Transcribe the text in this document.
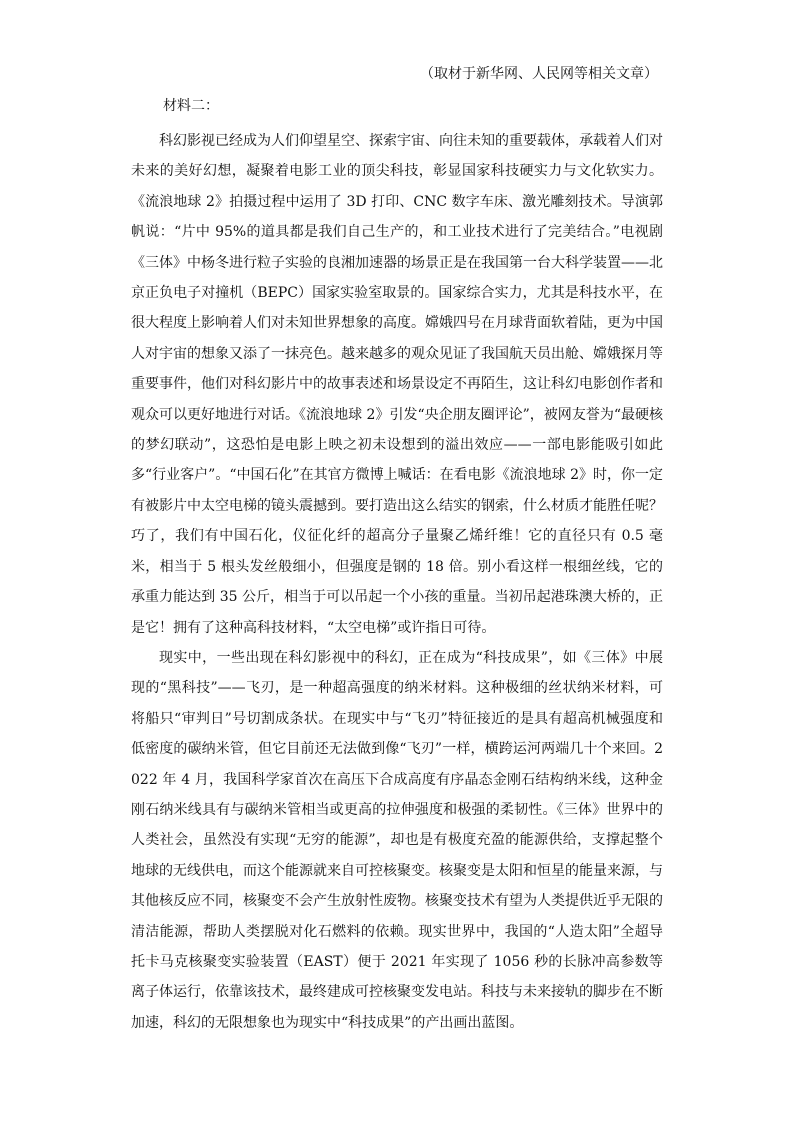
（取材于新华网、人民网等相关文章）
材料二：

科幻影视已经成为人们仰望星空、探索宇宙、向往未知的重要载体，承载着人们对未来的美好幻想，凝聚着电影工业的顶尖科技，彰显国家科技硬实力与文化软实力。《流浪地球 2》拍摄过程中运用了 3D 打印、CNC 数字车床、激光雕刻技术。导演郭帆说：“片中 95%的道具都是我们自己生产的，和工业技术进行了完美结合。”电视剧《三体》中杨冬进行粒子实验的良湘加速器的场景正是在我国第一台大科学装置——北京正负电子对撞机（BEPC）国家实验室取景的。国家综合实力，尤其是科技水平，在很大程度上影响着人们对未知世界想象的高度。嫦娥四号在月球背面软着陆，更为中国人对宇宙的想象又添了一抹亮色。越来越多的观众见证了我国航天员出舱、嫦娥探月等重要事件，他们对科幻影片中的故事表述和场景设定不再陌生，这让科幻电影创作者和观众可以更好地进行对话。《流浪地球 2》引发“央企朋友圈评论”，被网友誉为“最硬核的梦幻联动”，这恐怕是电影上映之初未设想到的溢出效应——一部电影能吸引如此多“行业客户”。“中国石化”在其官方微博上喊话：在看电影《流浪地球 2》时，你一定有被影片中太空电梯的镜头震撼到。要打造出这么结实的钢索，什么材质才能胜任呢？巧了，我们有中国石化，仪征化纤的超高分子量聚乙烯纤维！它的直径只有 0.5 毫米，相当于 5 根头发丝般细小，但强度是钢的 18 倍。别小看这样一根细丝线，它的承重力能达到 35 公斤，相当于可以吊起一个小孩的重量。当初吊起港珠澳大桥的，正是它！拥有了这种高科技材料，“太空电梯”或许指日可待。

现实中，一些出现在科幻影视中的科幻，正在成为“科技成果”，如《三体》中展现的“黑科技”——飞刃，是一种超高强度的纳米材料。这种极细的丝状纳米材料，可将船只“审判日”号切割成条状。在现实中与“飞刃”特征接近的是具有超高机械强度和低密度的碳纳米管，但它目前还无法做到像“飞刃”一样，横跨运河两端几十个来回。2022 年 4 月，我国科学家首次在高压下合成高度有序晶态金刚石结构纳米线，这种金刚石纳米线具有与碳纳米管相当或更高的拉伸强度和极强的柔韧性。《三体》世界中的人类社会，虽然没有实现“无穷的能源”，却也是有极度充盈的能源供给，支撑起整个地球的无线供电，而这个能源就来自可控核聚变。核聚变是太阳和恒星的能量来源，与其他核反应不同，核聚变不会产生放射性废物。核聚变技术有望为人类提供近乎无限的清洁能源，帮助人类摆脱对化石燃料的依赖。现实世界中，我国的“人造太阳”全超导托卡马克核聚变实验装置（EAST）便于 2021 年实现了 1056 秒的长脉冲高参数等离子体运行，依靠该技术，最终建成可控核聚变发电站。科技与未来接轨的脚步在不断加速，科幻的无限想象也为现实中“科技成果”的产出画出蓝图。
